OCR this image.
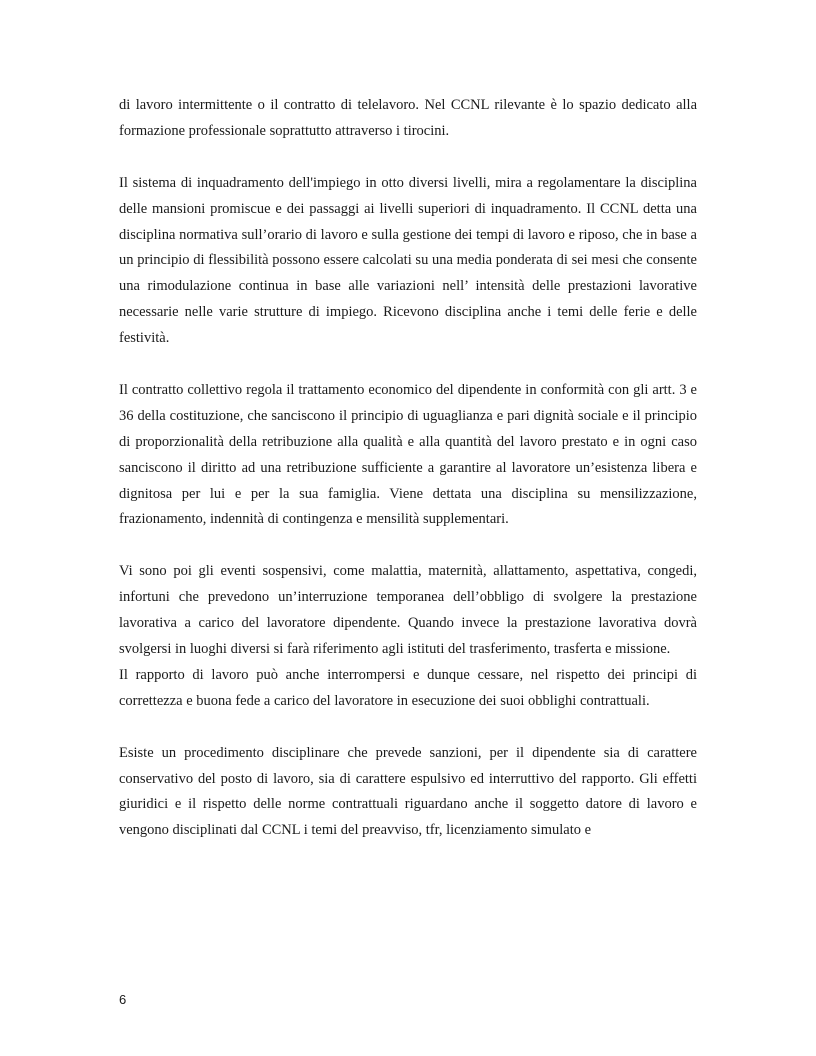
di lavoro intermittente o il contratto di telelavoro. Nel CCNL rilevante è lo spazio dedicato alla formazione professionale soprattutto attraverso i tirocini.

Il sistema di inquadramento dell'impiego in otto diversi livelli, mira a regolamentare la disciplina delle mansioni promiscue e dei passaggi ai livelli superiori di inquadramento. Il CCNL detta una disciplina normativa sull’orario di lavoro e sulla gestione dei tempi di lavoro e riposo, che in base a un principio di flessibilità possono essere calcolati su una media ponderata di sei mesi che consente una rimodulazione continua in base alle variazioni nell’ intensità delle prestazioni lavorative necessarie nelle varie strutture di impiego. Ricevono disciplina anche i temi delle ferie e delle festività.

Il contratto collettivo regola il trattamento economico del dipendente in conformità con gli artt. 3 e 36 della costituzione, che sanciscono il principio di uguaglianza e pari dignità sociale e il principio di proporzionalità della retribuzione alla qualità e alla quantità del lavoro prestato e in ogni caso sanciscono il diritto ad una retribuzione sufficiente a garantire al lavoratore un’esistenza libera e dignitosa per lui e per la sua famiglia. Viene dettata una disciplina su mensilizzazione, frazionamento, indennità di contingenza e mensilità supplementari.

Vi sono poi gli eventi sospensivi, come malattia, maternità, allattamento, aspettativa, congedi, infortuni che prevedono un’interruzione temporanea dell’obbligo di svolgere la prestazione lavorativa a carico del lavoratore dipendente. Quando invece la prestazione lavorativa dovrà svolgersi in luoghi diversi si farà riferimento agli istituti del trasferimento, trasferta e missione.

Il rapporto di lavoro può anche interrompersi e dunque cessare, nel rispetto dei principi di correttezza e buona fede a carico del lavoratore in esecuzione dei suoi obblighi contrattuali.

Esiste un procedimento disciplinare che prevede sanzioni, per il dipendente sia di carattere conservativo del posto di lavoro, sia di carattere espulsivo ed interruttivo del rapporto. Gli effetti giuridici e il rispetto delle norme contrattuali riguardano anche il soggetto datore di lavoro e vengono disciplinati dal CCNL i temi del preavviso, tfr, licenziamento simulato e

6
